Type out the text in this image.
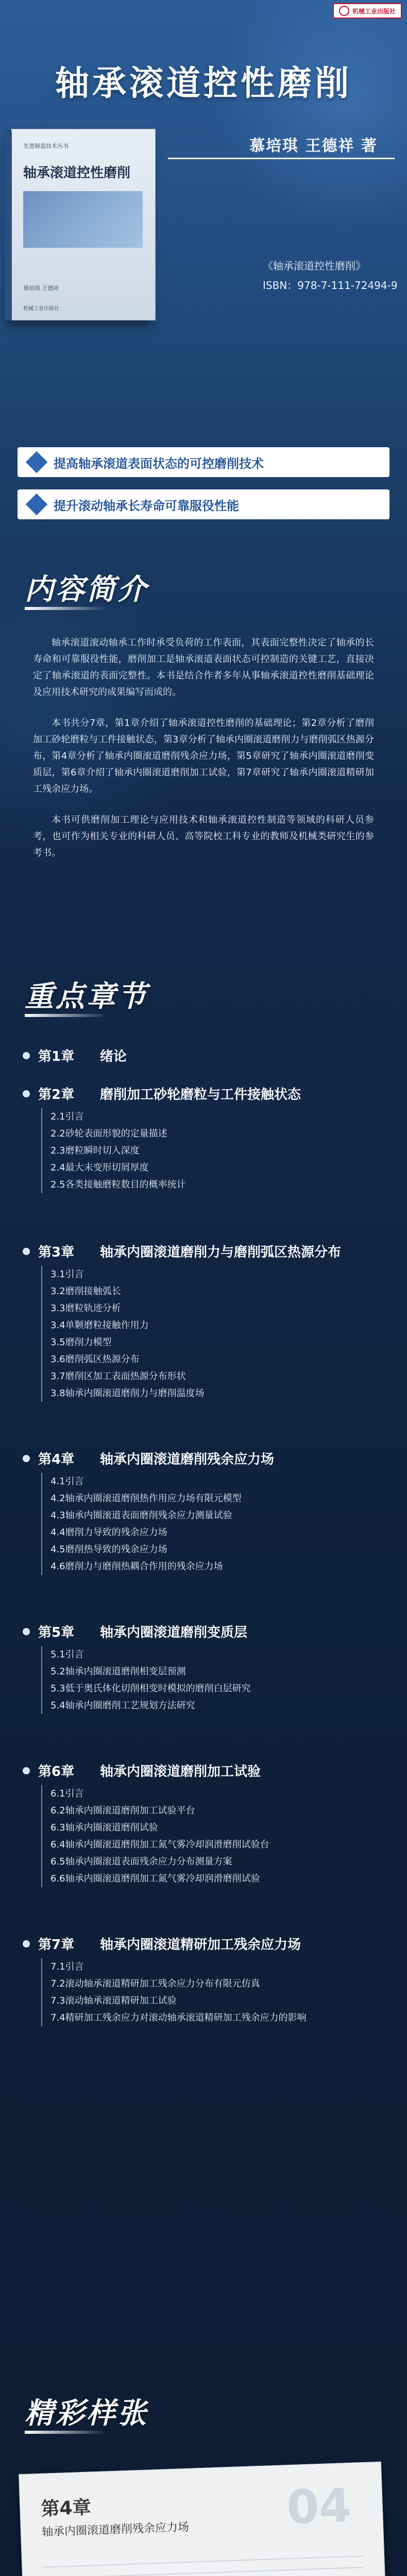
机械工业出版社
轴承滚道控性磨削
先进制造技术丛书
轴承滚道控性磨削
慕培琪 王德祥
机械工业出版社
慕培琪 王德祥 著
《轴承滚道控性磨削》
ISBN：978-7-111-72494-9
提高轴承滚道表面状态的可控磨削技术
提升滚动轴承长寿命可靠服役性能
内容简介

轴承滚道滚动轴承工作时承受负荷的工作表面，其表面完整性决定了轴承的长寿命和可靠服役性能，磨削加工是轴承滚道表面状态可控制造的关键工艺，直接决定了轴承滚道的表面完整性。本书是结合作者多年从事轴承滚道控性磨削基础理论及应用技术研究的成果编写而成的。

本书共分7章，第1章介绍了轴承滚道控性磨削的基础理论；第2章分析了磨削加工砂轮磨粒与工件接触状态，第3章分析了轴承内圈滚道磨削力与磨削弧区热源分布，第4章分析了轴承内圈滚道磨削残余应力场，第5章研究了轴承内圈滚道磨削变质层，第6章介绍了轴承内圈滚道磨削加工试验，第7章研究了轴承内圈滚道精研加工残余应力场。

本书可供磨削加工理论与应用技术和轴承滚道控性制造等领域的科研人员参考，也可作为相关专业的科研人员、高等院校工科专业的教师及机械类研究生的参考书。

重点章节
第1章	绪论
第2章	磨削加工砂轮磨粒与工件接触状态
2.1引言
2.2砂轮表面形貌的定量描述
2.3磨粒瞬时切入深度
2.4最大未变形切屑厚度
2.5各类接触磨粒数目的概率统计
第3章	轴承内圈滚道磨削力与磨削弧区热源分布
3.1引言
3.2磨削接触弧长
3.3磨粒轨迹分析
3.4单颗磨粒接触作用力
3.5磨削力模型
3.6磨削弧区热源分布
3.7磨削区加工表面热源分布形状
3.8轴承内圈滚道磨削力与磨削温度场
第4章	轴承内圈滚道磨削残余应力场
4.1引言
4.2轴承内圈滚道磨削热作用应力场有限元模型
4.3轴承内圈滚道表面磨削残余应力测量试验
4.4磨削力导致的残余应力场
4.5磨削热导致的残余应力场
4.6磨削力与磨削热耦合作用的残余应力场
第5章	轴承内圈滚道磨削变质层
5.1引言
5.2轴承内圈滚道磨削相变层预测
5.3低于奥氏体化切削相变时模拟的磨削白层研究
5.4轴承内圈磨削工艺规划方法研究
第6章	轴承内圈滚道磨削加工试验
6.1引言
6.2轴承内圈滚道磨削加工试验平台
6.3轴承内圈滚道磨削试验
6.4轴承内圈滚道磨削加工氮气雾冷却润滑磨削试验台
6.5轴承内圈滚道表面残余应力分布测量方案
6.6轴承内圈滚道磨削加工氮气雾冷却润滑磨削试验
第7章	轴承内圈滚道精研加工残余应力场
7.1引言
7.2滚动轴承滚道精研加工残余应力分布有限元仿真
7.3滚动轴承滚道精研加工试验
7.4精研加工残余应力对滚动轴承滚道精研加工残余应力的影响
精彩样张
第4章
轴承内圈滚道磨削残余应力场 04
